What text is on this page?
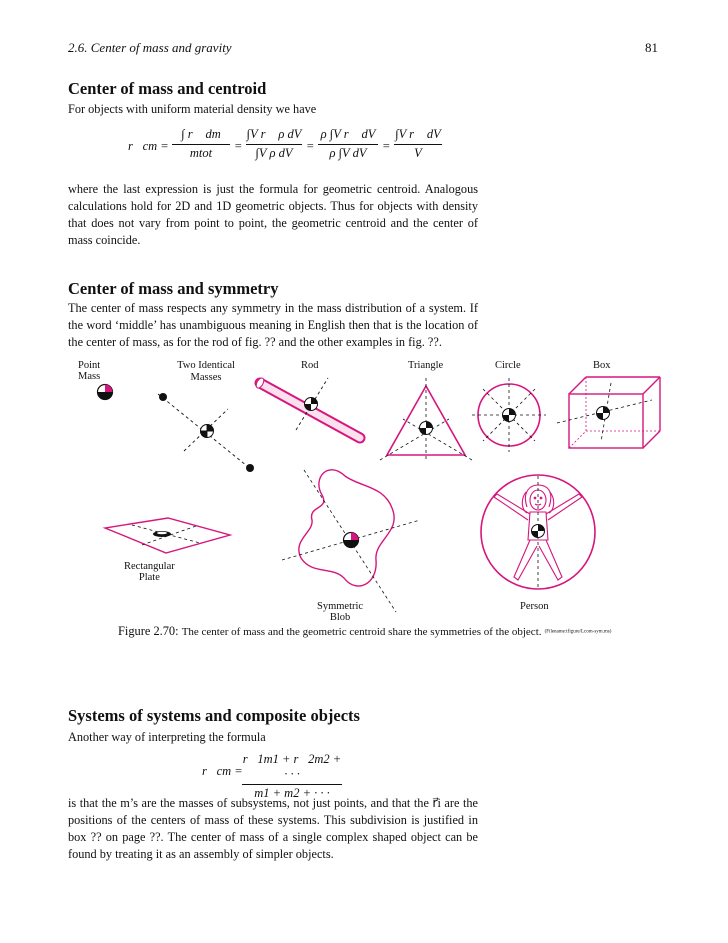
2.6. Center of mass and gravity	81
Center of mass and centroid

For objects with uniform material density we have

r⃗cm =
∫ r⃗ dm
mtot	=
∫V r⃗ ρ dV
∫V ρ dV	=
ρ ∫V r⃗ dV
ρ ∫V dV	=
∫V r⃗ dV
V

where the last expression is just the formula for geometric centroid. Analogous calculations hold for 2D and 1D geometric objects. Thus for objects with density that does not vary from point to point, the geometric centroid and the center of mass coincide.

Center of mass and symmetry

The center of mass respects any symmetry in the mass distribution of a system. If the word ‘middle’ has unambiguous meaning in English then that is the location of the center of mass, as for the rod of fig. ?? and the other examples in fig. ??.

Point Mass
Two Identical
Masses
Rod	Triangle	Circle	Box
Rectangular Plate
Symmetric Blob
Person
Figure 2.70: The center of mass and the geometric centroid share the symmetries of the object. (Filename:tfigure/Lcom-sym.ms)
Systems of systems and composite objects

Another way of interpreting the formula

r⃗cm =
r⃗1m1 + r⃗2m2 + · · ·
m1 + m2 + · · ·

is that the m’s are the masses of subsystems, not just points, and that the r⃗i are the positions of the centers of mass of these systems. This subdivision is justified in box ?? on page ??. The center of mass of a single complex shaped object can be found by treating it as an assembly of simpler objects.
